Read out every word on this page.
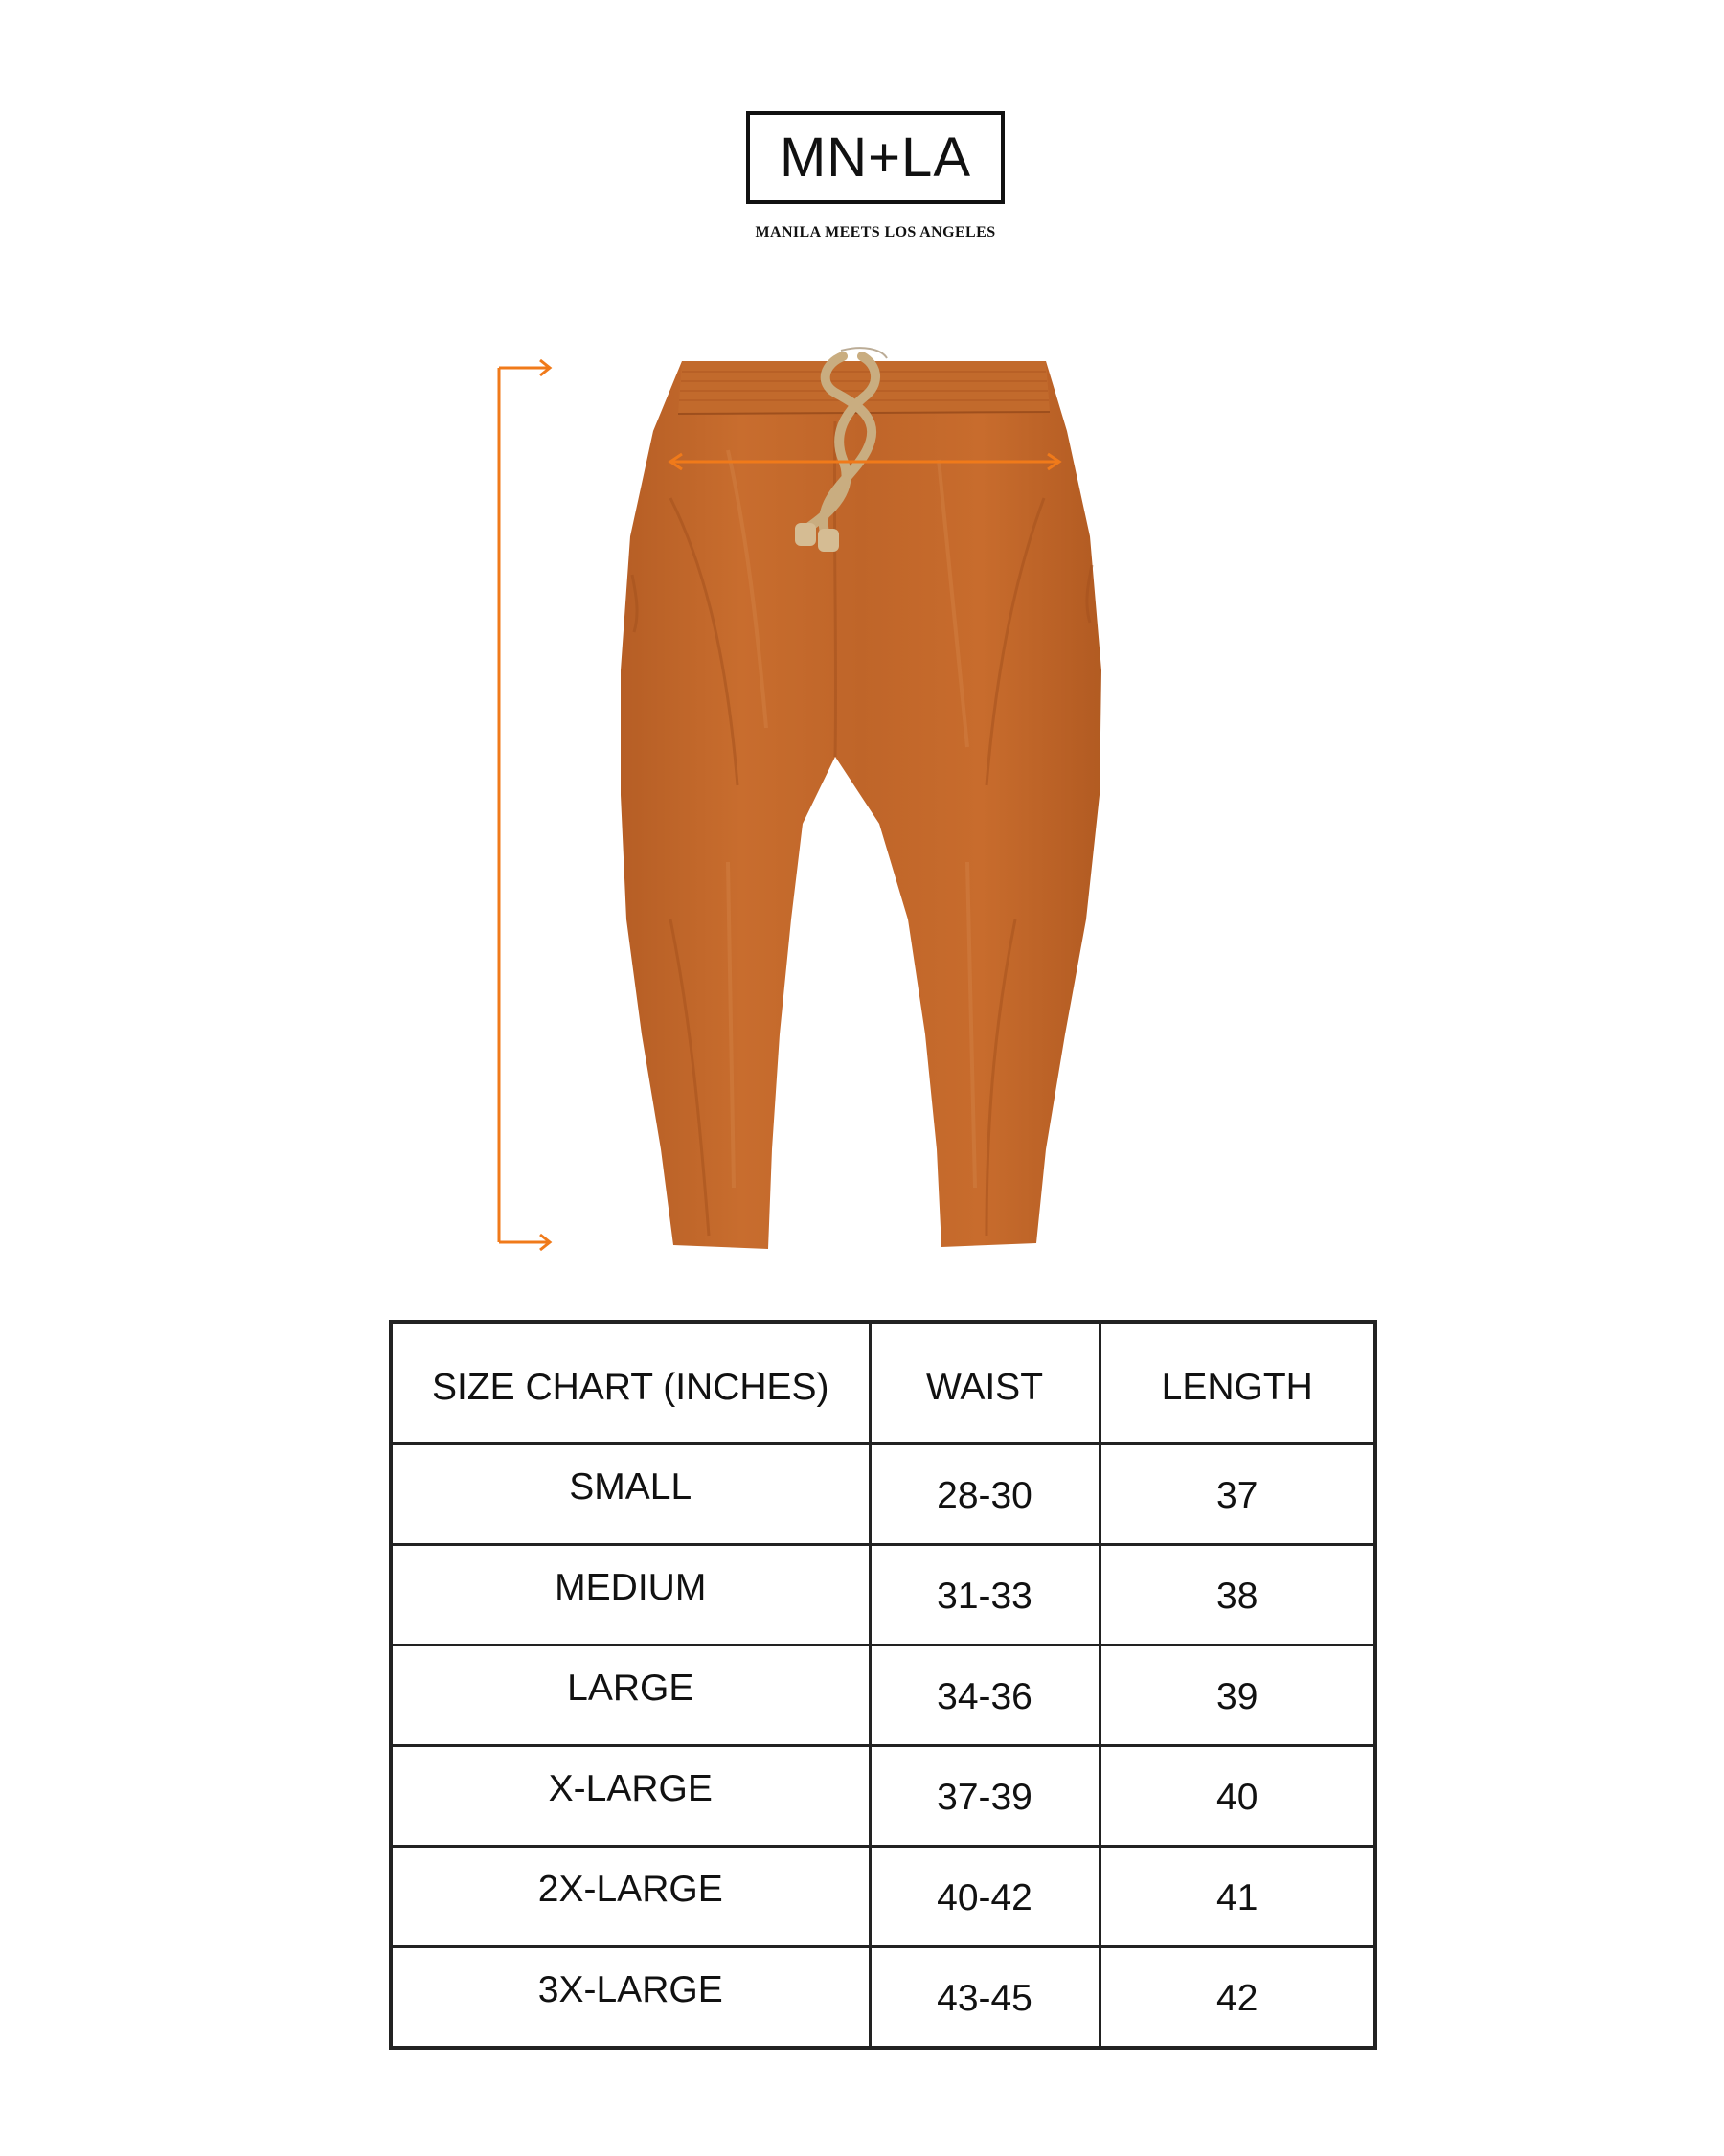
MN+LA
MANILA MEETS LOS ANGELES
SIZE CHART (INCHES)	WAIST	LENGTH
SMALL	28-30	37
MEDIUM	31-33	38
LARGE	34-36	39
X-LARGE	37-39	40
2X-LARGE	40-42	41
3X-LARGE	43-45	42
